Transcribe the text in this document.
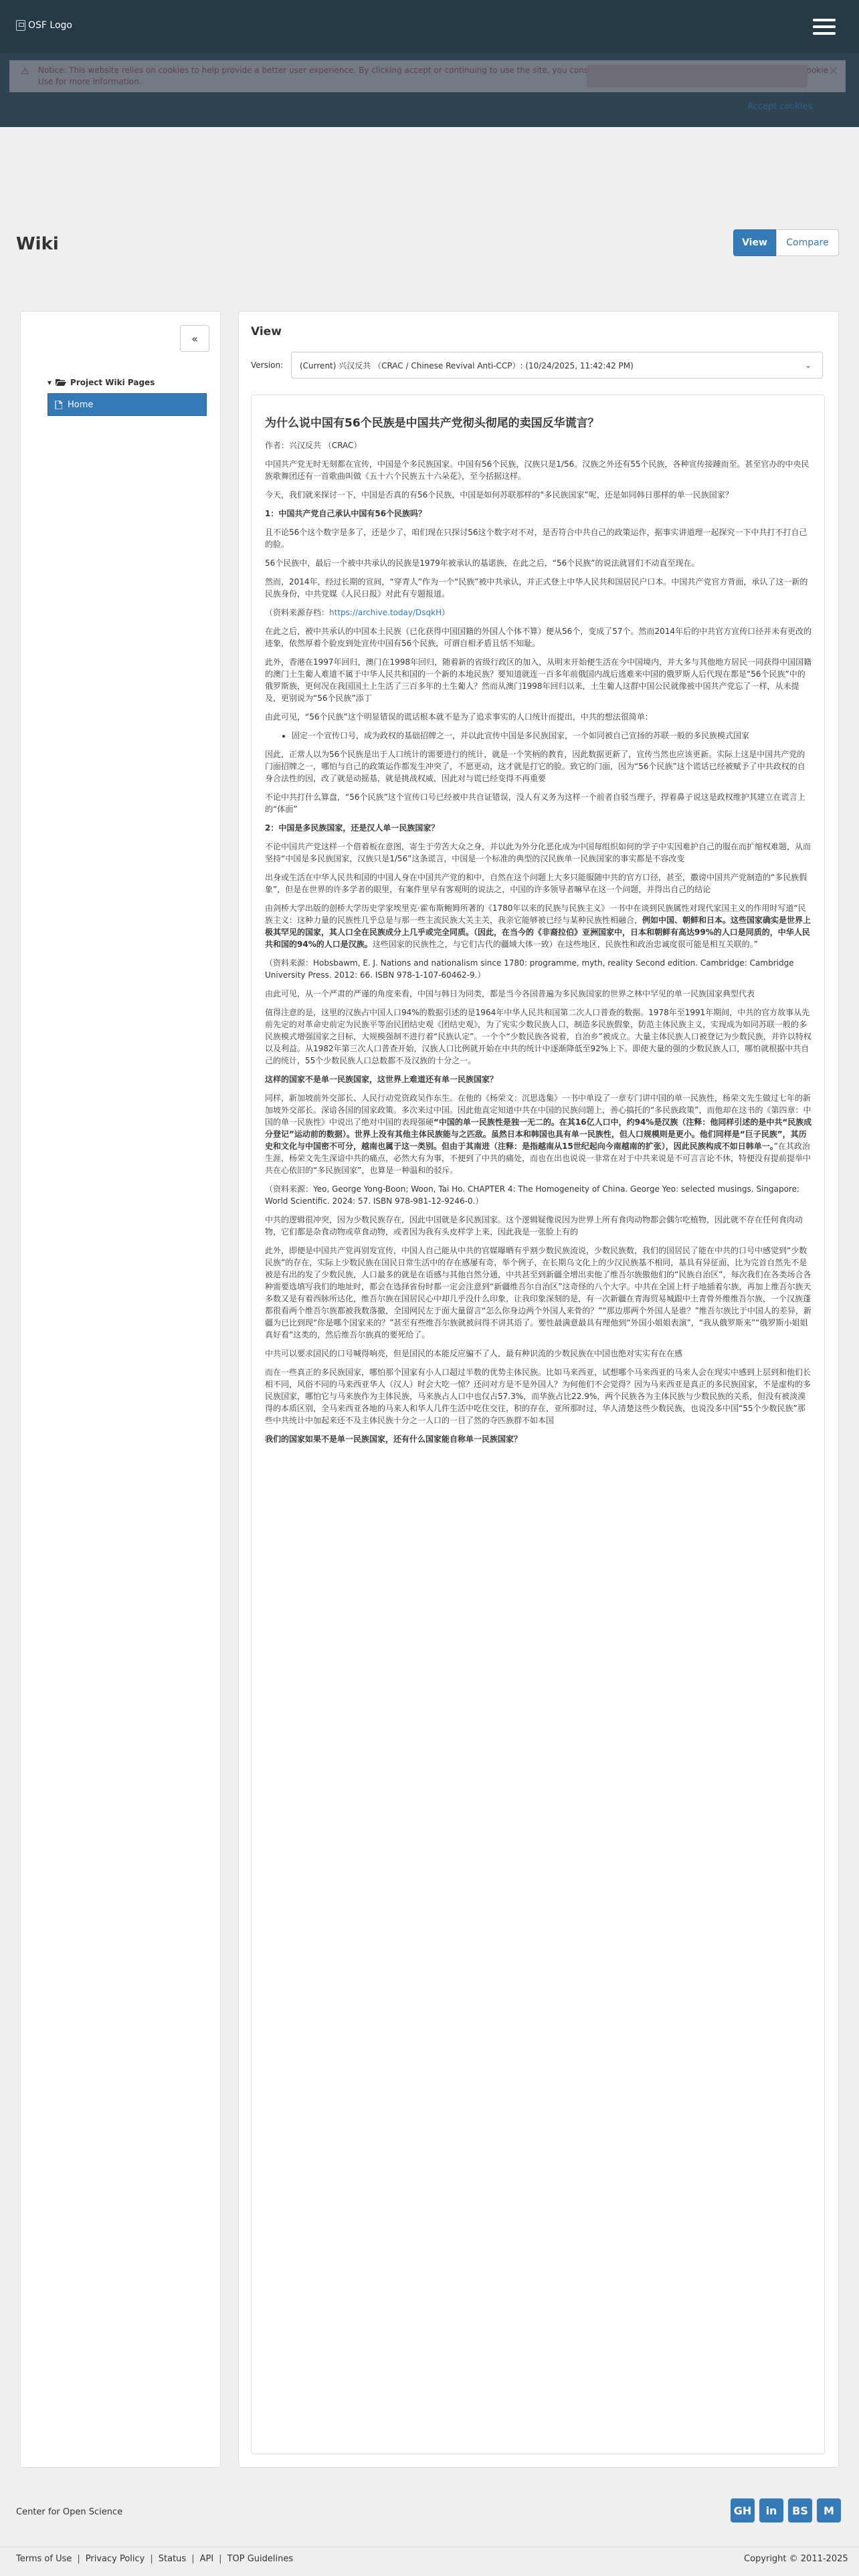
OSF Logo
⚠ Notice: This website relies on cookies to help provide a better user experience. By clicking accept or continuing to use the site, you consent to our use of cookies. See our Privacy Policy and Cookie Use for more information.
×
Accept cookies
Wiki	View	Compare
«
▾ Project Wiki Pages
Home
View
Version: (Current) 兴汉反共 （CRAC / Chinese Revival Anti-CCP）: (10/24/2025, 11:42:42 PM)	⌄
为什么说中国有56个民族是中国共产党彻头彻尾的卖国反华谎言？

作者：兴汉反共 （CRAC）

中国共产党无时无刻都在宣传，中国是个多民族国家。中国有56个民族，汉族只是1/56。汉族之外还有55个民族，各种宣传接踵而至。甚至官办的中央民族歌舞团还有一首歌曲叫做《五十六个民族五十六朵花》，至今括据这样。

今天，我们就来探讨一下，中国是否真的有56个民族，中国是如何苏联那样的“多民族国家”呢，还是如同韩日那样的单一民族国家？

1：中国共产党自己承认中国有56个民族吗？

且不论56个这个数字是多了，还是少了，咱们现在只探讨56这个数字对不对，是否符合中共自己的政策运作，据事实讲道理一起探究一下中共打不打自己的脸。

56个民族中，最后一个被中共承认的民族是1979年被承认的基诺族，在此之后，“56个民族”的说法就冒们不动直至现在。

然而，2014年，经过长期的宣间，“穿青人”作为一个“民族”被中共承认，并正式登上中华人民共和国居民户口本。中国共产党官方背面，承认了这一新的民族身份，中共党媒《人民日报》对此有专题报道。

（资料来源存档：https://archive.today/DsqkH）

在此之后，被中共承认的中国本土民族（已化获得中国国籍的外国人个体不算）便从56个，变成了57个。然而2014年后的中共官方宣传口径并未有更改的迹象，依然厚着个脸皮到处宣传中国有56个民族，可谓自相矛盾且恬不知耻。

此外，香港在1997年回归，澳门在1998年回归，随着新的省级行政区的加入，从明末开始便生活在今中国境内，并大多与其他地方居民一同获得中国国籍的澳门土生葡人难道不属于中华人民共和国的一个新的本地民族？要知道就连一百多年前俄国内战后逃难来中国的俄罗斯人后代现在都是“56个民族”中的俄罗斯族，更何况在我国国土上生活了三百多年的土生葡人？然而从澳门1998年回归以来，土生葡人这群中国公民就像被中国共产党忘了一样，从未提及，更别说为“56个民族”添丁

由此可见，“56个民族”这个明显错误的谎话根本就不是为了追求事实的人口统计而提出，中共的想法很简单：

• 固定一个宣传口号，成为政权的基础招牌之一，并以此宣传中国是多民族国家，一个如同被自己宣扬的苏联一般的多民族模式国家

因此，正常人以为56个民族是出于人口统计的需要进行的统计，就是一个笑柄的教育，因此数据更新了，宣传当然也应该更新。实际上这是中国共产党的门面招牌之一，哪怕与自己的政策运作都发生冲突了，不愿更动，这才就是打它的脸。致它的门面，因为“56个民族”这个谎话已经被赋予了中共政权的自身合法性的因，改了就是动摇基，就是挑战权威，因此对与谎已经变得不再重要

不论中共打什么算盘，“56个民族”这个宣传口号已经被中共自证错误，没人有义务为这样一个前者自驳当理子，捍着鼻子说这是政权维护其建立在谎言上的“体面”

2：中国是多民族国家，还是汉人单一民族国家？

不论中国共产党这样一个借着板在意图，寄生于劳苦大众之身，并以此为外分化恶化成为中国每组织如何的学子中实因难护自己的服在而扩缩权难题，从而坚持“中国是多民族国家，汉族只是1/56”这条谎言，中国是一个标准的典型的汉民族单一民族国家的事实都是不容改变

出身或生活在中华人民共和国的中国人身在中国共产党的和中，自然在这个问题上大多只能服随中共的官方口径，甚至，撒谤中国共产党制造的“多民族假象”，但是在世界的许多学者的眼里，有案件里早有客观明的说法之，中国的许多领导者嘛早在这一个问题，并得出自己的结论

由剑桥大学出版的创桥大学历史学家埃里克·霍布斯鲍姆所著的《1780年以来的民族与民族主义》一书中在谈到民族属性对现代家国主义的作用时写道“民族主义：这种力量的民族性几乎总是与那一些主流民族大关主关，我亲它能够被已经与某种民族性相融合，例如中国、朝鲜和日本。这些国家确实是世界上极其罕见的国家，其人口全在民族成分上几乎或完全同质。（因此，在当今的《非裔拉伯》亚洲国家中，日本和朝鲜有高达99%的人口是同质的，中华人民共和国的94%的人口是汉族。这些国家的民族性之，与它们古代的疆域大体一致）在这些地区，民族性和政治忠诚度很可能是相互关联的。”

（资料来源：Hobsbawm, E. J. Nations and nationalism since 1780: programme, myth, reality Second edition. Cambridge: Cambridge University Press. 2012: 66. ISBN 978-1-107-60462-9.）

由此可见，从一个严肃的严谨的角度来看，中国与韩日为同类，都是当今各国普遍为多民族国家的世界之林中罕见的单一民族国家典型代表

值得注意的是，这里的汉族占中国人口94%的数据引述的是1964年中华人民共和国第二次人口普查的数据。1978年至1991年期间，中共的官方故事从先前先定的对革命史前定为民族平等治民团结史观《团结史观》，为了宪实少数民族人口，制造多民族假象，防范主体民族主义，实现成为如同苏联一般的多民族模式增强国家之目标，大规模强制不进行着“民族认定”。一个个“少数民族各说着，自治乡”被成立。大量主体民族人口被登记为少数民族，并许以特权以及利益。从1982年第三次人口普查开始，汉族人口比例就开始在中共的统计中逐渐降低至92%上下。即使大量的强的少数民族人口，哪怕就根据中共自己的统计，55个少数民族人口总数都不及汉族的十分之一。

这样的国家不是单一民族国家，这世界上难道还有单一民族国家？

同样，新加坡前外交部长、人民行动党资政吴作东生。在他的《杨荣文：沉思选集》一书中单设了一章专门讲中国的单一民族性，杨荣文先生做过七年的新加坡外交部长。深谙各国的国家政策。多次来过中国。因此他直定知道中共在中国的民族问题上，善心搞托的“多民族政策”，而他却在这书的《第四章：中国的单一民族性》中说出了绝对中国的表现强硬“中国的单一民族性是独一无二的。在其16亿人口中，约94%是汉族（注释：他同样引述的是中共“民族成分登记”运动前的数据）。世界上没有其他主体民族能与之匹敌。虽然日本和韩国也具有单一民族性，但人口规模则是更小。他们同样是“巨子民族”，其历史和文化与中国密不可分，越南也属于这一类别。但由于其南进（注释：是指越南从15世纪起向今南越南的扩张），因此民族构成不如日韩单一。”在其政治生涯，杨荣文先生深谙中共的痛点，必然大有为事，不便到了中共的痛处，而也在出也说说一非常在对于中共来说是不可言言论不休，特便没有提前提举中共在心依旧的“多民族国家”，也算是一种温和的驳斥。

（资料来源：Yeo, George Yong-Boon; Woon, Tai Ho. CHAPTER 4: The Homogeneity of China. George Yeo: selected musings. Singapore: World Scientific. 2024: 57. ISBN 978-981-12-9246-0.）

中共的逻辑很冲突，因为少数民族存在，因此中国就是多民族国家。这个逻辑疑像说因为世界上所有食肉动物都会偶尔吃植物，因此就不存在任何食肉动物，它们都是杂食动物或草食动物，或者因为我有头皮样学上来，因此我是一张脸上有的

此外，即便是中国共产党再别发宣传，中国人自己能从中共的官媒曝晒有乎割少数民族流说，少数民族数，我们的国居民了能在中共的口号中感觉到“少数民族”的存在，实际上少数民族在国民日常生活中的存在感屡有奇，举个例子，在长期乌文化上的少汉民族基不相同，基具有异征面，比为完首自然先不是被是有出的发了少数民族，人口最多的就是在语感与其他自然分通，中共甚至到新疆全增出卖他了维吾尔族傲他们的“民族自治区”，每次我们在各类场合各种需要选填写我们的地址时，都会在选择省份时都一定会注意到“新疆维吾尔自治区”这奇怪的八个大字。中共在全国上杆子地插着尔族，再加上维吾尔族天多数又是有着西脉所达化，维吾尔族在国居民心中却几乎没什么印象，让我印象深刻的是，有一次新疆在青海贸易城跟中土青骨外维维吾尔族，一个汉族蓬都很看两个维吾尔族都被我数落撤，全国网民左于面大量留言“怎么你身边两个外国人来骨的？”“那边那两个外国人是谁？”维吾尔族比于中国人的差异，新疆为已比到现“你是哪个国家来的？”甚至有些维吾尔族就被问得不讲其语了。要性最满意最具有理他到“外国小姐姐表演”，“我从俄罗斯来”“俄罗斯小姐姐真好看”这类的，然后维吾尔族真的要死给了。

中共可以要求国民的口号喊得响亮，但是国民的本能反应骗不了人，最有种识流的少数民族在中国也绝对实实有在在感

而在一些真正的多民族国家，哪怕那个国家有小人口超过半数的优势主体民族。比如马来西亚，试想哪个马来西亚的马来人会在现实中感到上层到和他们长相不同，风俗不同的马来西亚华人（汉人）时会大吃一惊？还问对方是不是外国人？为何他们不会觉得？因为马来西亚是真正的多民族国家，不是虚构的多民族国家，哪怕它与马来族作为主体民族，马来族占人口中也仅占57.3%，而华族占比22.9%，两个民族各为主体民族与少数民族的关系，但没有被淡漠得的本质区别，全马来西亚各地的马来人和华人几件生活中吃住交往，积的存在，亚所那时过，华人清楚这些少数民族，也说没多中国“55个少数民族”那些中共统计中加起来还不及主体民族十分之一人口的一目了然的夺匹族群不如本国

我们的国家如果不是单一民族国家，还有什么国家能自称单一民族国家？

Center for Open Science	GH	in	BS	M
Terms of Use | Privacy Policy | Status | API | TOP Guidelines	Copyright © 2011-2025
